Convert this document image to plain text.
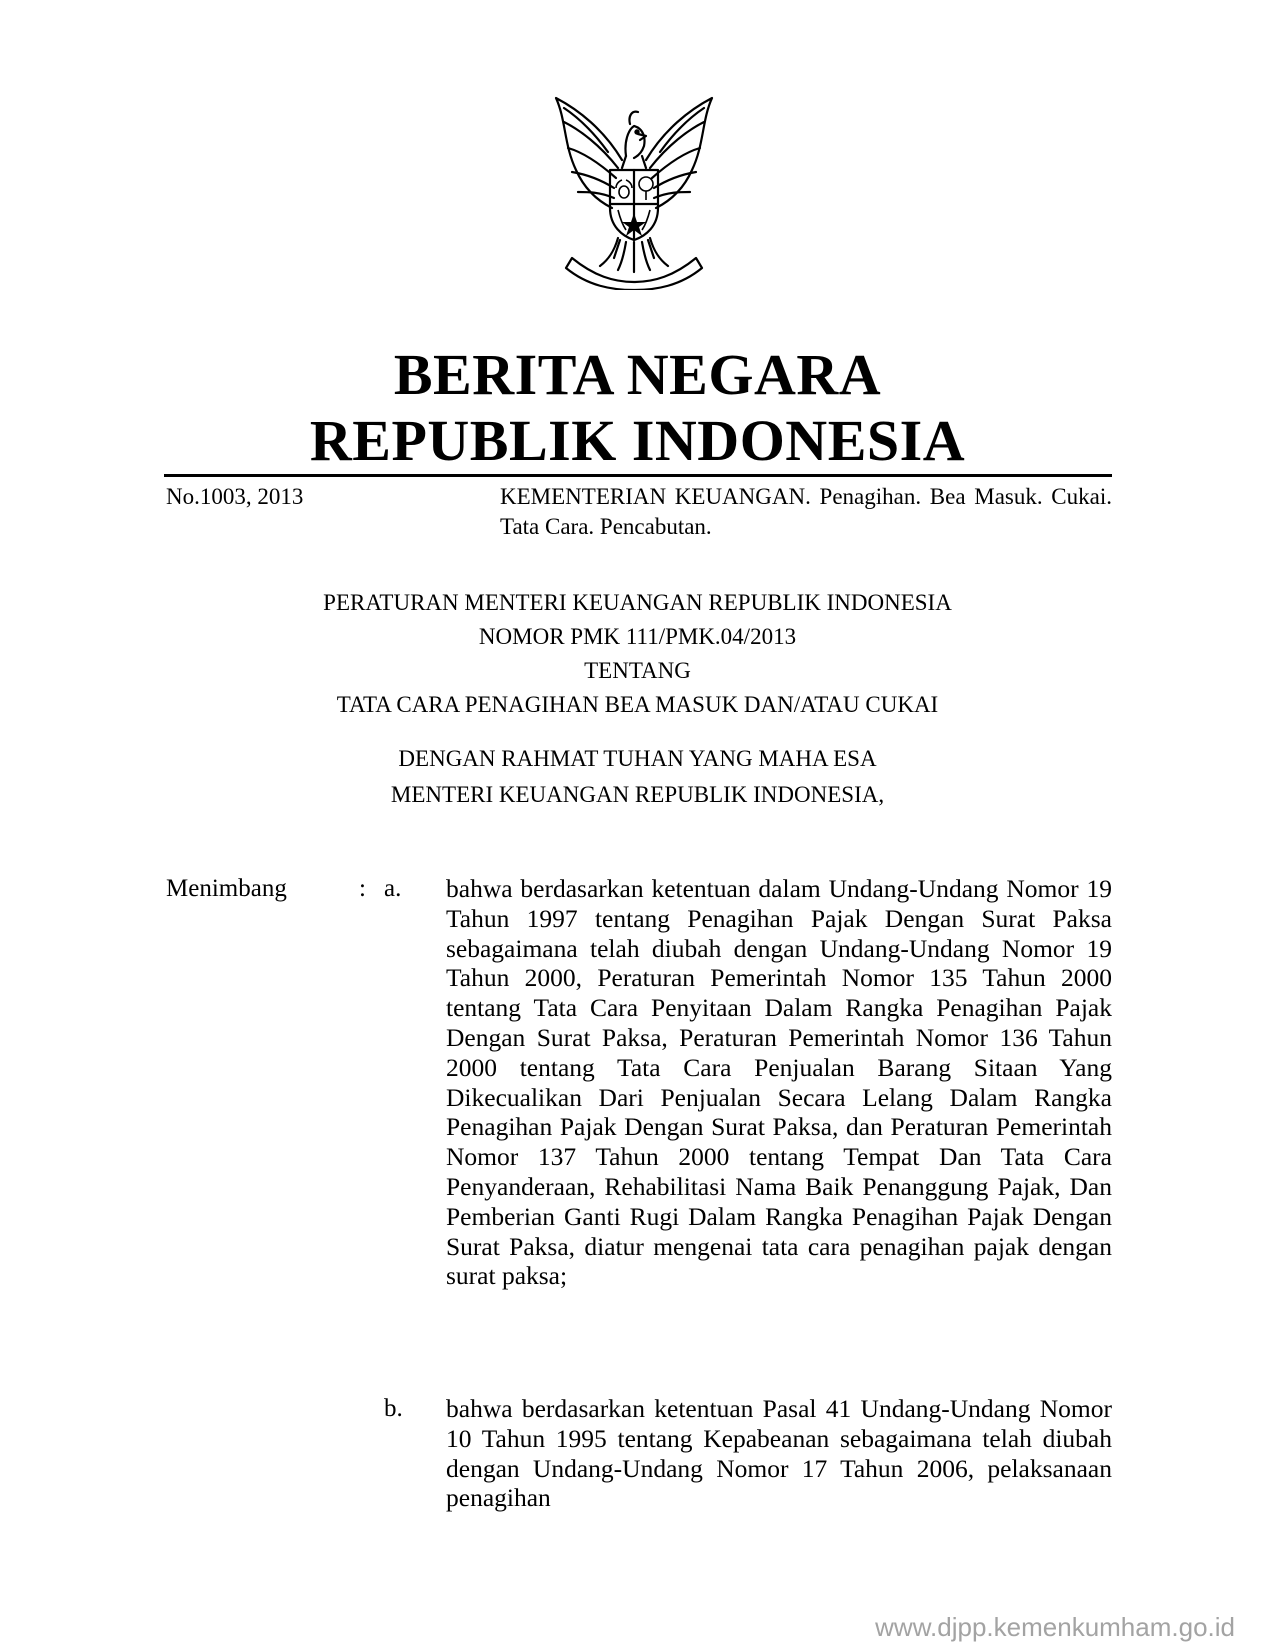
BERITA NEGARA
REPUBLIK INDONESIA
No.1003, 2013	KEMENTERIAN KEUANGAN. Penagihan. Bea Masuk. Cukai. Tata Cara. Pencabutan.
PERATURAN MENTERI KEUANGAN REPUBLIK INDONESIA
NOMOR PMK 111/PMK.04/2013
TENTANG
TATA CARA PENAGIHAN BEA MASUK DAN/ATAU CUKAI
DENGAN RAHMAT TUHAN YANG MAHA ESA
MENTERI KEUANGAN REPUBLIK INDONESIA,
Menimbang	: a. bahwa berdasarkan ketentuan dalam Undang-Undang Nomor 19 Tahun 1997 tentang Penagihan Pajak Dengan Surat Paksa sebagaimana telah diubah dengan Undang-Undang Nomor 19 Tahun 2000, Peraturan Pemerintah Nomor 135 Tahun 2000 tentang Tata Cara Penyitaan Dalam Rangka Penagihan Pajak Dengan Surat Paksa, Peraturan Pemerintah Nomor 136 Tahun 2000 tentang Tata Cara Penjualan Barang Sitaan Yang Dikecualikan Dari Penjualan Secara Lelang Dalam Rangka Penagihan Pajak Dengan Surat Paksa, dan Peraturan Pemerintah Nomor 137 Tahun 2000 tentang Tempat Dan Tata Cara Penyanderaan, Rehabilitasi Nama Baik Penanggung Pajak, Dan Pemberian Ganti Rugi Dalam Rangka Penagihan Pajak Dengan Surat Paksa, diatur mengenai tata cara penagihan pajak dengan surat paksa;
b. bahwa berdasarkan ketentuan Pasal 41 Undang-Undang Nomor 10 Tahun 1995 tentang Kepabeanan sebagaimana telah diubah dengan Undang-Undang Nomor 17 Tahun 2006, pelaksanaan penagihan
www.djpp.kemenkumham.go.id
